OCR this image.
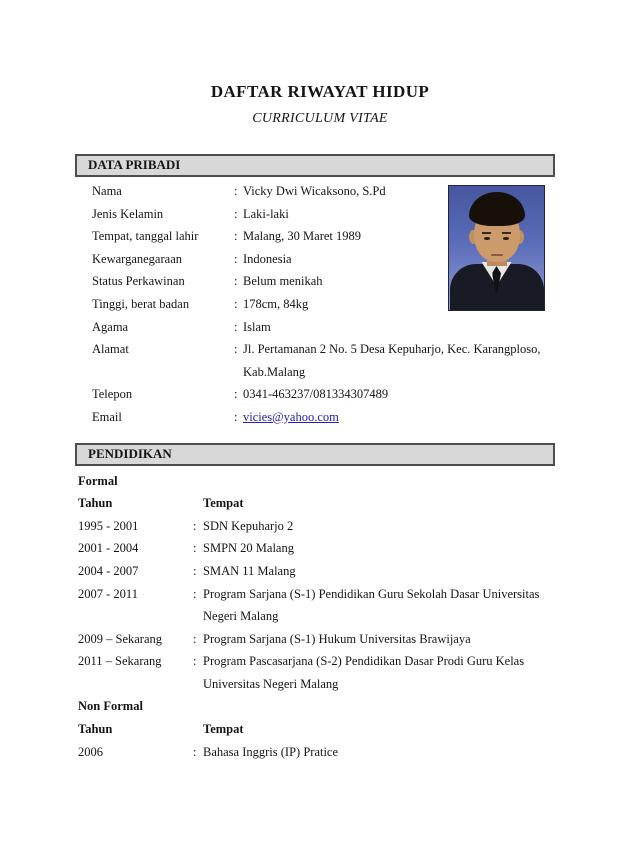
DAFTAR RIWAYAT HIDUP
CURRICULUM VITAE
DATA PRIBADI
Nama	: Vicky Dwi Wicaksono, S.Pd
Jenis Kelamin	: Laki-laki
Tempat, tanggal lahir	: Malang, 30 Maret 1989
Kewarganegaraan	: Indonesia
Status Perkawinan	: Belum menikah
Tinggi, berat badan	: 178cm, 84kg
Agama	: Islam
Alamat	: Jl. Pertamanan 2 No. 5 Desa Kepuharjo, Kec. Karangploso, Kab.Malang
Telepon	: 0341-463237/081334307489
Email	: vicies@yahoo.com
PENDIDIKAN
Formal
Tahun	Tempat
1995 - 2001	: SDN Kepuharjo 2
2001 - 2004	: SMPN 20 Malang
2004 - 2007	: SMAN 11 Malang
2007 - 2011	: Program Sarjana (S-1) Pendidikan Guru Sekolah Dasar Universitas Negeri Malang
2009 – Sekarang	: Program Sarjana (S-1) Hukum Universitas Brawijaya
2011 – Sekarang	: Program Pascasarjana (S-2) Pendidikan Dasar Prodi Guru Kelas Universitas Negeri Malang
Non Formal
Tahun	Tempat
2006	: Bahasa Inggris (IP) Pratice
